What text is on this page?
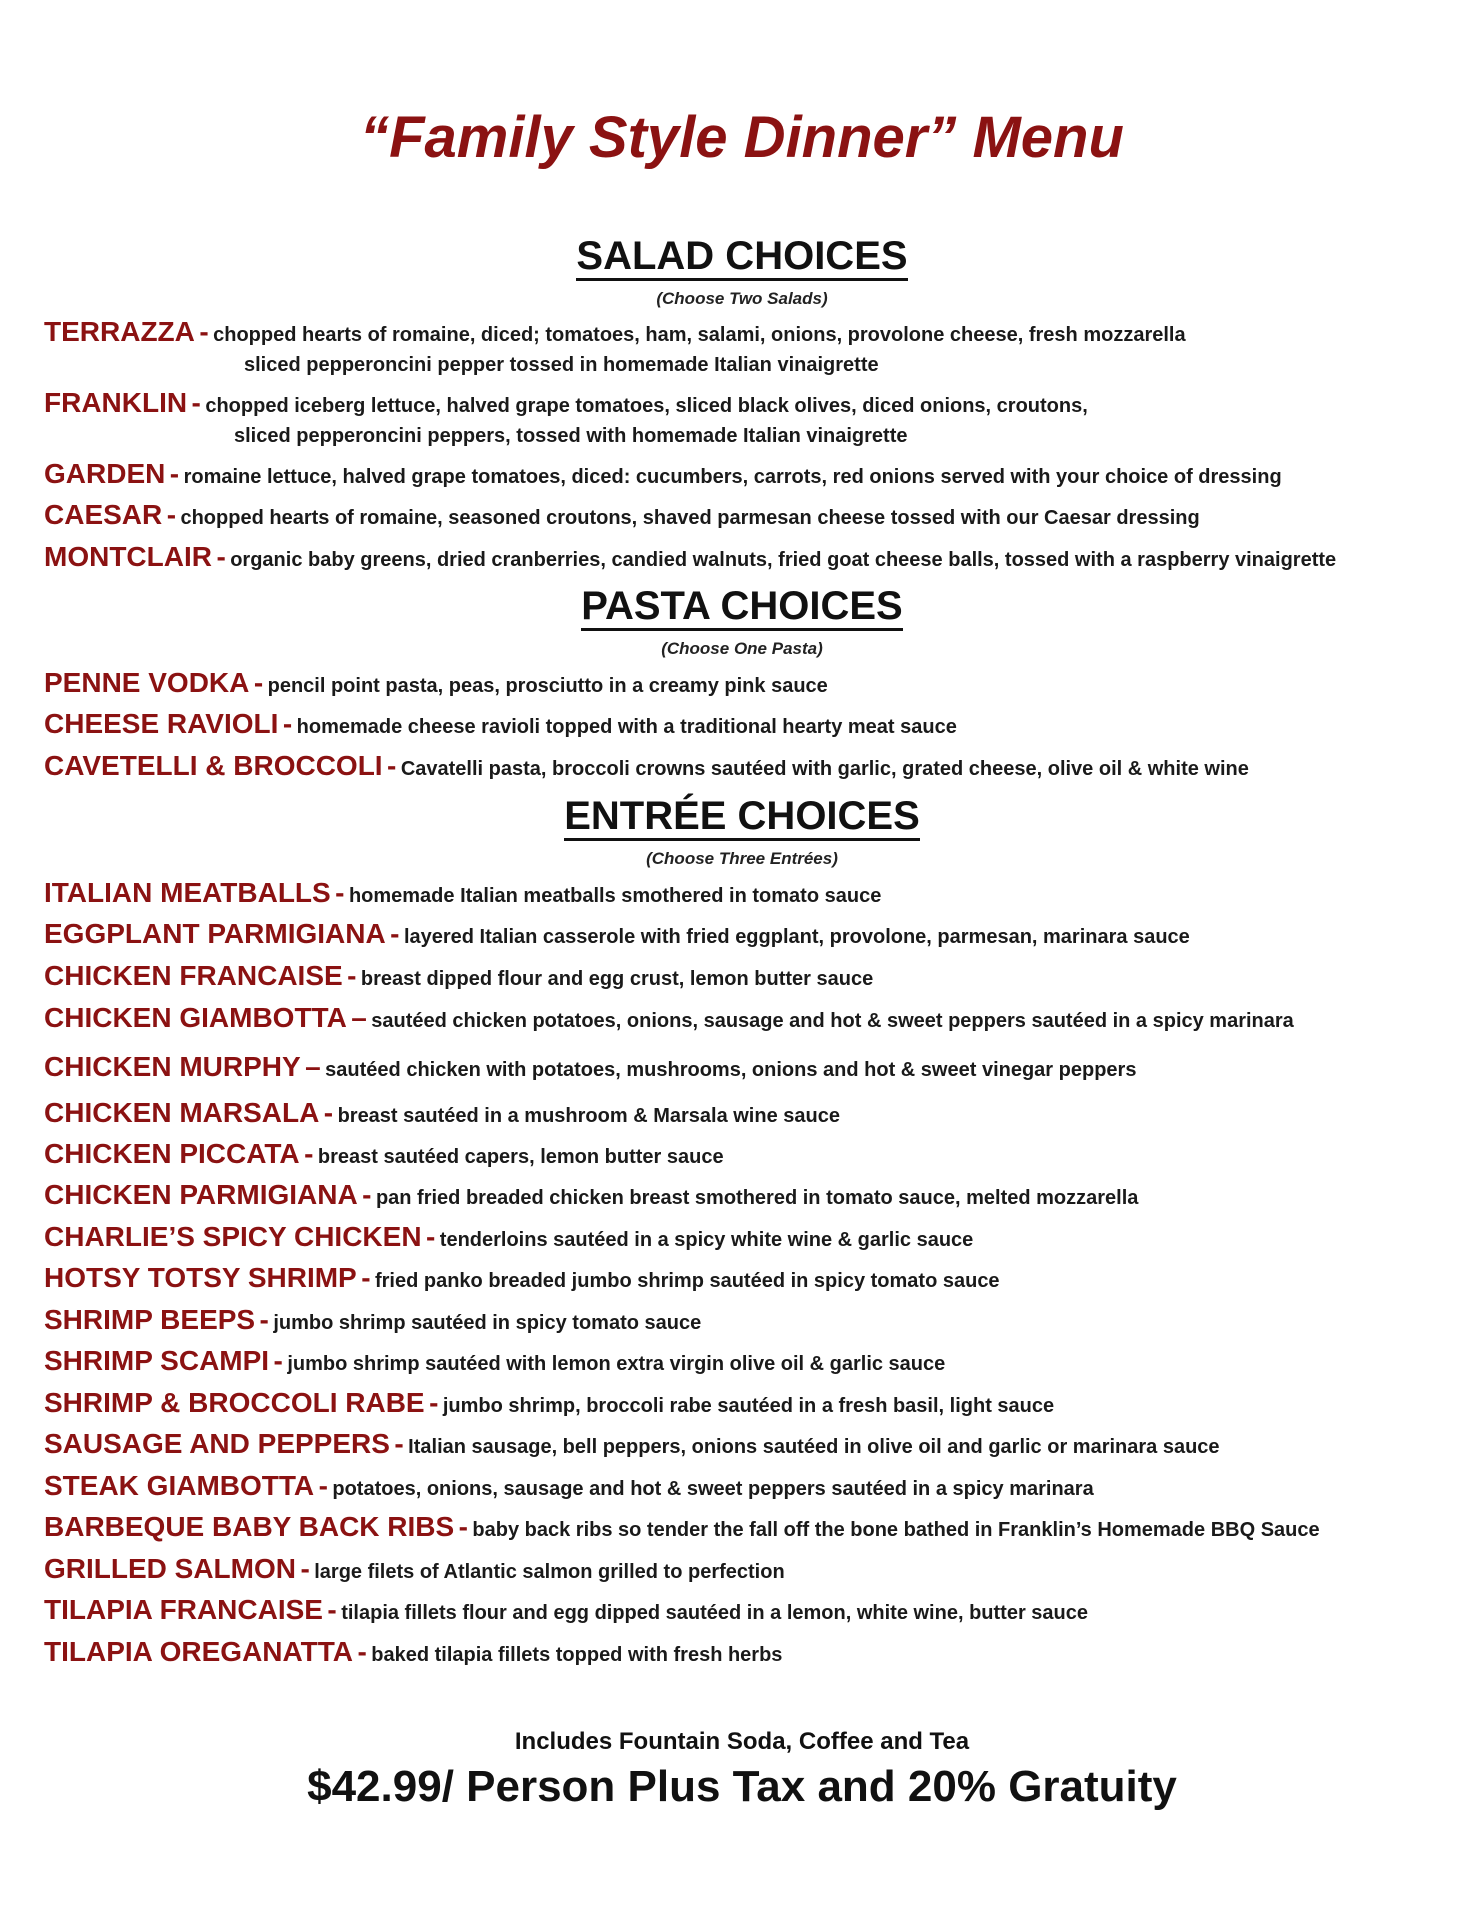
“Family Style Dinner” Menu
SALAD CHOICES
(Choose Two Salads)
TERRAZZA - chopped hearts of romaine, diced; tomatoes, ham, salami, onions, provolone cheese, fresh mozzarella
sliced pepperoncini pepper tossed in homemade Italian vinaigrette
FRANKLIN - chopped iceberg lettuce, halved grape tomatoes, sliced black olives, diced onions, croutons,
sliced pepperoncini peppers, tossed with homemade Italian vinaigrette
GARDEN - romaine lettuce, halved grape tomatoes, diced: cucumbers, carrots, red onions served with your choice of dressing
CAESAR - chopped hearts of romaine, seasoned croutons, shaved parmesan cheese tossed with our Caesar dressing
MONTCLAIR - organic baby greens, dried cranberries, candied walnuts, fried goat cheese balls, tossed with a raspberry vinaigrette
PASTA CHOICES
(Choose One Pasta)
PENNE VODKA - pencil point pasta, peas, prosciutto in a creamy pink sauce
CHEESE RAVIOLI - homemade cheese ravioli topped with a traditional hearty meat sauce
CAVETELLI & BROCCOLI - Cavatelli pasta, broccoli crowns sautéed with garlic, grated cheese, olive oil & white wine
ENTRÉE CHOICES
(Choose Three Entrées)
ITALIAN MEATBALLS - homemade Italian meatballs smothered in tomato sauce
EGGPLANT PARMIGIANA - layered Italian casserole with fried eggplant, provolone, parmesan, marinara sauce
CHICKEN FRANCAISE - breast dipped flour and egg crust, lemon butter sauce
CHICKEN GIAMBOTTA – sautéed chicken potatoes, onions, sausage and hot & sweet peppers sautéed in a spicy marinara
CHICKEN MURPHY – sautéed chicken with potatoes, mushrooms, onions and hot & sweet vinegar peppers
CHICKEN MARSALA - breast sautéed in a mushroom & Marsala wine sauce
CHICKEN PICCATA - breast sautéed capers, lemon butter sauce
CHICKEN PARMIGIANA - pan fried breaded chicken breast smothered in tomato sauce, melted mozzarella
CHARLIE’S SPICY CHICKEN - tenderloins sautéed in a spicy white wine & garlic sauce
HOTSY TOTSY SHRIMP - fried panko breaded jumbo shrimp sautéed in spicy tomato sauce
SHRIMP BEEPS - jumbo shrimp sautéed in spicy tomato sauce
SHRIMP SCAMPI - jumbo shrimp sautéed with lemon extra virgin olive oil & garlic sauce
SHRIMP & BROCCOLI RABE - jumbo shrimp, broccoli rabe sautéed in a fresh basil, light sauce
SAUSAGE AND PEPPERS - Italian sausage, bell peppers, onions sautéed in olive oil and garlic or marinara sauce
STEAK GIAMBOTTA - potatoes, onions, sausage and hot & sweet peppers sautéed in a spicy marinara
BARBEQUE BABY BACK RIBS - baby back ribs so tender the fall off the bone bathed in Franklin’s Homemade BBQ Sauce
GRILLED SALMON - large filets of Atlantic salmon grilled to perfection
TILAPIA FRANCAISE - tilapia fillets flour and egg dipped sautéed in a lemon, white wine, butter sauce
TILAPIA OREGANATTA - baked tilapia fillets topped with fresh herbs
Includes Fountain Soda, Coffee and Tea
$42.99/ Person Plus Tax and 20% Gratuity
